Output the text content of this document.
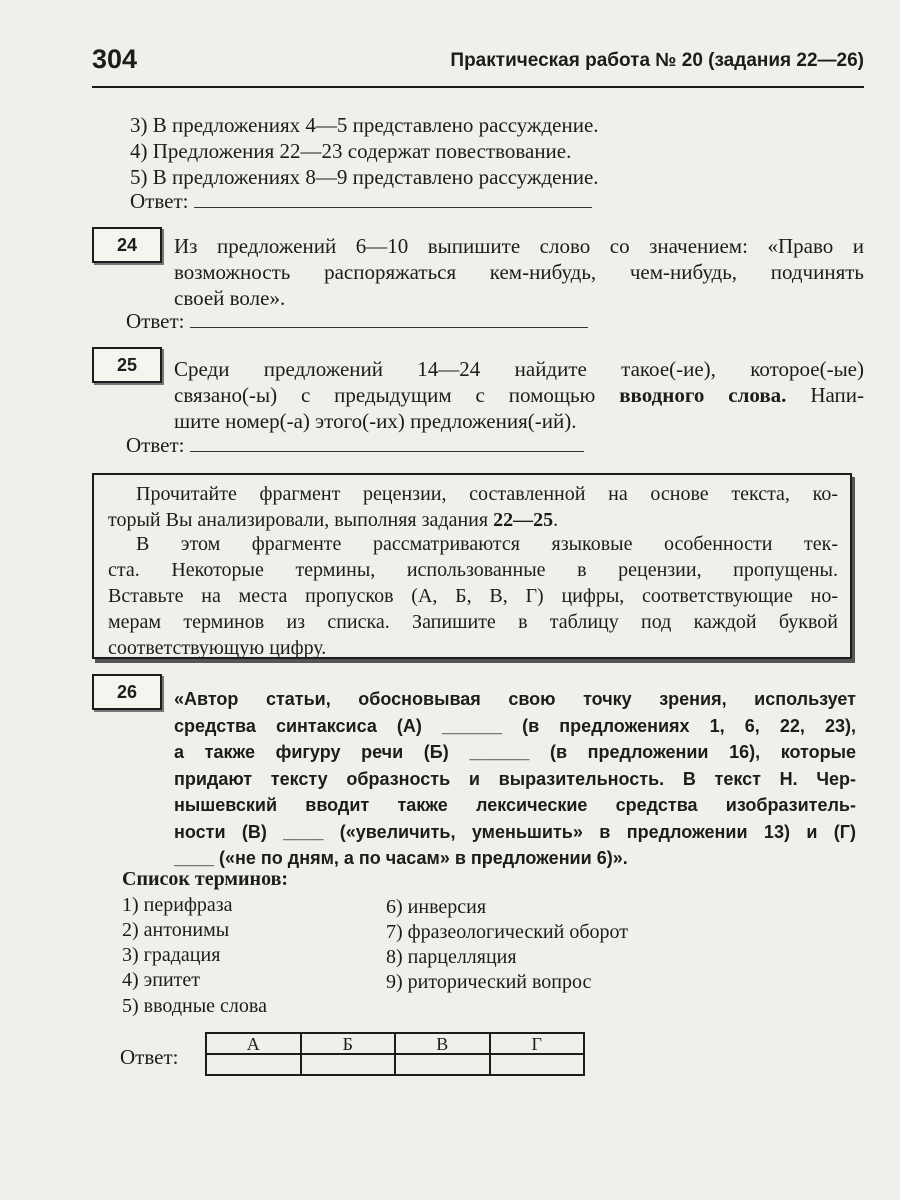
304	Практическая работа № 20 (задания 22—26)
3) В предложениях 4—5 представлено рассуждение.
4) Предложения 22—23 содержат повествование.
5) В предложениях 8—9 представлено рассуждение.
Ответ:
24	Из предложений 6—10 выпишите слово со значением: «Право и
возможность распоряжаться кем-нибудь, чем-нибудь, подчинять
своей воле».
Ответ:
25	Среди предложений 14—24 найдите такое(-ие), которое(-ые)
связано(-ы) с предыдущим с помощью вводного слова. Напи-
шите номер(-а) этого(-их) предложения(-ий).
Ответ:
Прочитайте фрагмент рецензии, составленной на основе текста, ко-
торый Вы анализировали, выполняя задания 22—25.
В этом фрагменте рассматриваются языковые особенности тек-
ста. Некоторые термины, использованные в рецензии, пропущены.
Вставьте на места пропусков (А, Б, В, Г) цифры, соответствующие но-
мерам терминов из списка. Запишите в таблицу под каждой буквой
соответствующую цифру.
26	«Автор статьи, обосновывая свою точку зрения, использует
средства синтаксиса (А) ______ (в предложениях 1, 6, 22, 23),
а также фигуру речи (Б) ______ (в предложении 16), которые
придают тексту образность и выразительность. В текст Н. Чер-
нышевский вводит также лексические средства изобразитель-
ности (В) ____ («увеличить, уменьшить» в предложении 13) и (Г)
____ («не по дням, а по часам» в предложении 6)».
Список терминов:
1) перифраза
2) антонимы
3) градация
4) эпитет
5) вводные слова
6) инверсия
7) фразеологический оборот
8) парцелляция
9) риторический вопрос
Ответ:
А	Б	В	Г
